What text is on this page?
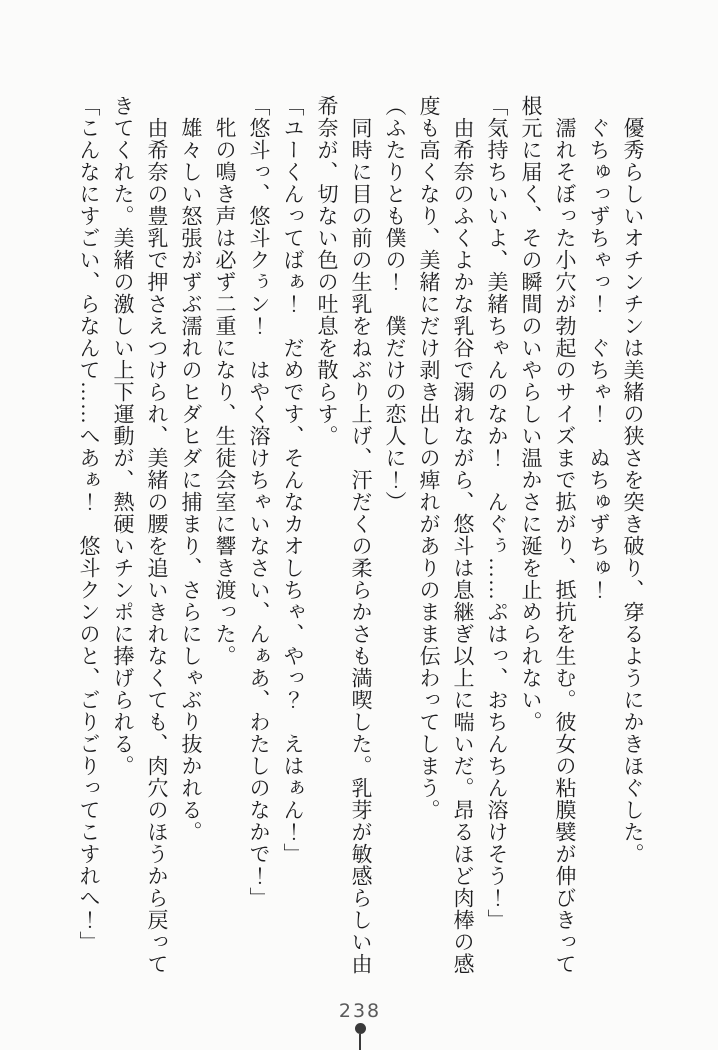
優秀らしいオチンチンは美緒の狭さを突き破り、穿るようにかきほぐした。

ぐちゅっずちゃっ！　ぐちゃ！　ぬちゅずちゅ！

濡れそぼった小穴が勃起のサイズまで拡がり、抵抗を生む。彼女の粘膜襞が伸びきって

根元に届く、その瞬間のいやらしい温かさに涎を止められない。

「気持ちいいよ、美緒ちゃんのなか！　んぐぅ……ぷはっ、おちんちん溶けそう！」

由希奈のふくよかな乳谷で溺れながら、悠斗は息継ぎ以上に喘いだ。昂るほど肉棒の感

度も高くなり、美緒にだけ剥き出しの痺れがありのまま伝わってしまう。

（ふたりとも僕の！　僕だけの恋人に！）

同時に目の前の生乳をねぶり上げ、汗だくの柔らかさも満喫した。乳芽が敏感らしい由

希奈が、切ない色の吐息を散らす。

「ユーくんってばぁ！　だめです、そんなカオしちゃ、やっ？　えはぁん！」

「悠斗っ、悠斗クぅン！　はやく溶けちゃいなさい、んぁあ、わたしのなかで！」

牝の鳴き声は必ず二重になり、生徒会室に響き渡った。

雄々しい怒張がずぶ濡れのヒダヒダに捕まり、さらにしゃぶり抜かれる。

由希奈の豊乳で押さえつけられ、美緒の腰を追いきれなくても、肉穴のほうから戻って

きてくれた。美緒の激しい上下運動が、熱硬いチンポに捧げられる。

「こんなにすごい、らなんて……へあぁ！　悠斗クンのと、ごりごりってこすれへ！」

238
